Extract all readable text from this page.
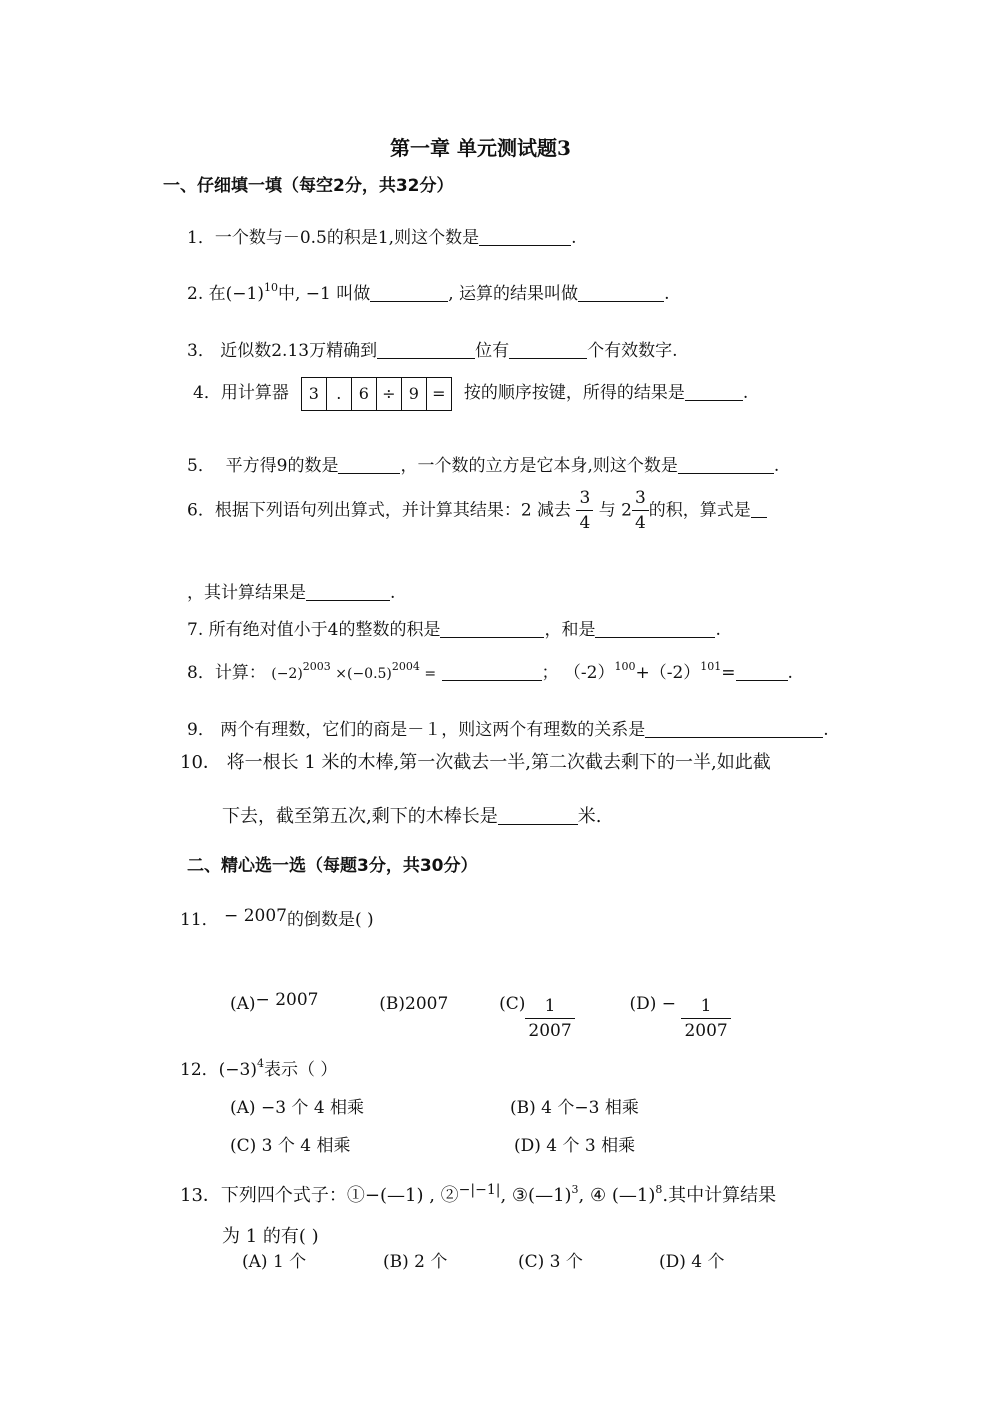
第一章 单元测试题3
一、仔细填一填（每空2分，共32分）
1．一个数与－0.5的积是1,则这个数是	.
2. 在$(-1)^{10}$中, −1 叫做	, 运算的结果叫做	.
3． 近似数2.13万精确到	位有	个有效数字.
4．用计算器 3 . 6 ÷ 9 = 按的顺序按键，所得的结果是	.
5． 平方得9的数是	，一个数的立方是它本身,则这个数是	.
6．根据下列语句列出算式，并计算其结果：2 减去 $\frac{3}{4}$ 与 $2 \frac{3}{4}$ 的积，算式是
，其计算结果是	.
7. 所有绝对值小于4的整数的积是	，和是	.
8．计算： $(-2)^{2003} \times(-0.5)^{2004}$ =	； $(-2)^{100}+(-2)^{101}=$	.
9． 两个有理数，它们的商是－１，则这两个有理数的关系是	.
10． 将一根长 1 米的木棒,第一次截去一半,第二次截去剩下的一半,如此截
下去，截至第五次,剩下的木棒长是	米.
二、精心选一选（每题3分，共30分）
11． − 2007的倒数是( )
(A)− 2007	(B)2007	$(C) \frac{1}{2007}$	$(D) - \frac{1}{2007}$
12．$(-3)^4$表示（ ）
(A) −3 个 4 相乘	(B) 4 个−3 相乘
(C) 3 个 4 相乘	(D) 4 个 3 相乘
13．下列四个式子：①−(—1) , ②$^{-|-1|}$, ③(—1)$^3$, ④ (—1)$^8$.其中计算结果
为 1 的有( )
(A) 1 个	(B) 2 个	(C) 3 个	(D) 4 个
